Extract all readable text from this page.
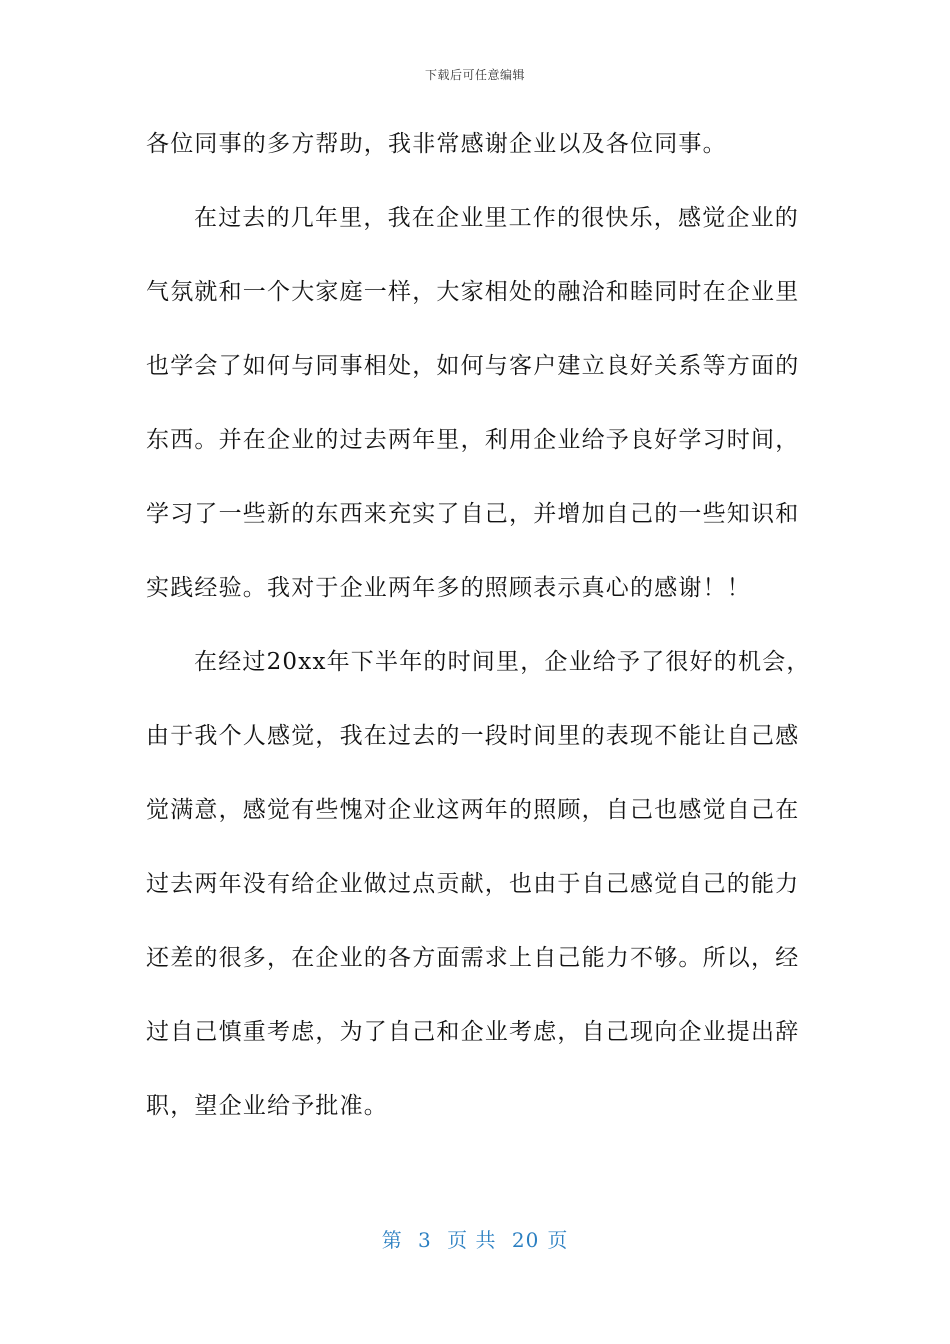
下载后可任意编辑
各位同事的多方帮助，我非常感谢企业以及各位同事。
在过去的几年里，我在企业里工作的很快乐，感觉企业的
气氛就和一个大家庭一样，大家相处的融洽和睦同时在企业里
也学会了如何与同事相处，如何与客户建立良好关系等方面的
东西。并在企业的过去两年里，利用企业给予良好学习时间，
学习了一些新的东西来充实了自己，并增加自己的一些知识和
实践经验。我对于企业两年多的照顾表示真心的感谢！！
在经过20xx年下半年的时间里，企业给予了很好的机会，
由于我个人感觉，我在过去的一段时间里的表现不能让自己感
觉满意，感觉有些愧对企业这两年的照顾，自己也感觉自己在
过去两年没有给企业做过点贡献，也由于自己感觉自己的能力
还差的很多，在企业的各方面需求上自己能力不够。所以，经
过自己慎重考虑，为了自己和企业考虑，自己现向企业提出辞
职，望企业给予批准。
第 3 页 共 20 页
